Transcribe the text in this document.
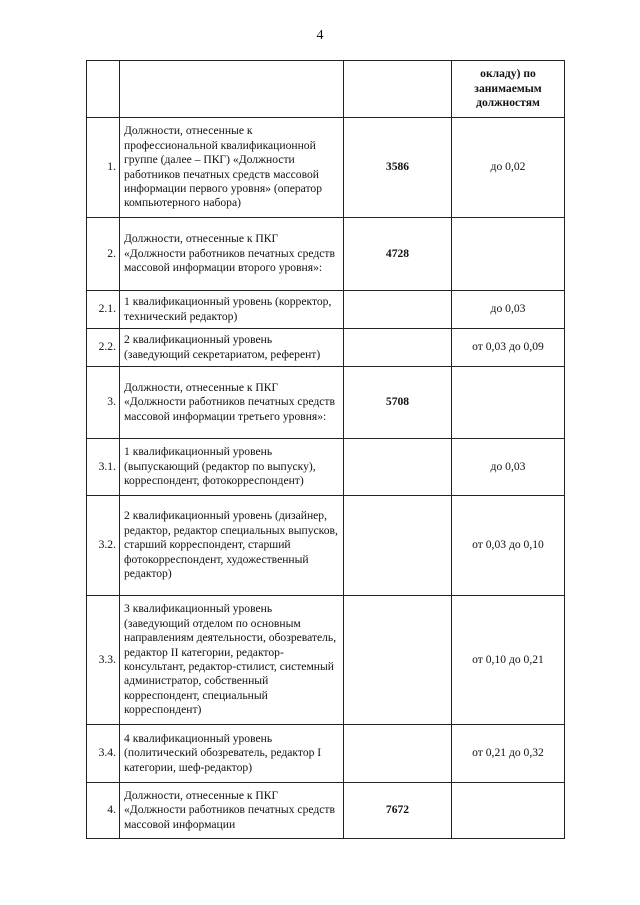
4
			окладу) по занимаемым должностям
1.	Должности, отнесенные к профессиональной квалификационной группе (далее – ПКГ) «Должности работников печатных средств массовой информации первого уровня» (оператор компьютерного набора)	3586	до 0,02
2.	Должности, отнесенные к ПКГ «Должности работников печатных средств массовой информации второго уровня»:	4728	
2.1.	1 квалификационный уровень (корректор, технический редактор)		до 0,03
2.2.	2 квалификационный уровень (заведующий секретариатом, референт)		от 0,03 до 0,09
3.	Должности, отнесенные к ПКГ «Должности работников печатных средств массовой информации третьего уровня»:	5708	
3.1.	1 квалификационный уровень (выпускающий (редактор по выпуску), корреспондент, фотокорреспондент)		до 0,03
3.2.	2 квалификационный уровень (дизайнер, редактор, редактор специальных выпусков, старший корреспондент, старший фотокорреспондент, художественный редактор)		от 0,03 до 0,10
3.3.	3 квалификационный уровень (заведующий отделом по основным направлениям деятельности, обозреватель, редактор II категории, редактор-консультант, редактор-стилист, системный администратор, собственный корреспондент, специальный корреспондент)		от 0,10 до 0,21
3.4.	4 квалификационный уровень (политический обозреватель, редактор I категории, шеф-редактор)		от 0,21 до 0,32
4.	Должности, отнесенные к ПКГ «Должности работников печатных средств массовой информации	7672	
